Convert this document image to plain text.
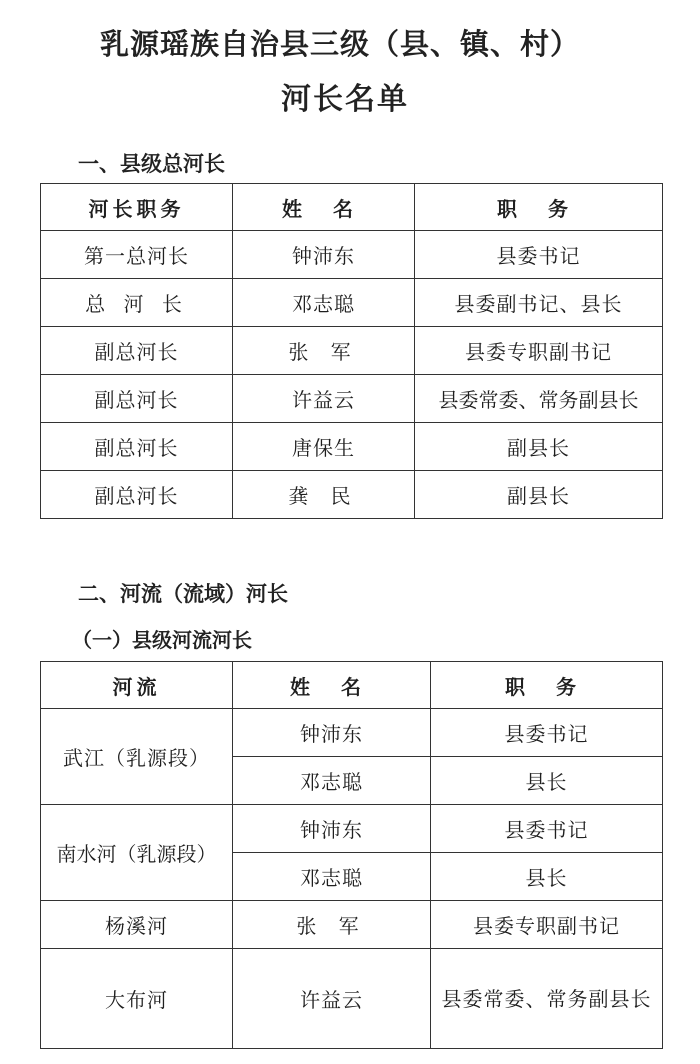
乳源瑶族自治县三级（县、镇、村）
河长名单
一、县级总河长
河长职务	姓 名	职 务
第一总河长	钟沛东	县委书记
总 河 长	邓志聪	县委副书记、县长
副总河长	张 军	县委专职副书记
副总河长	许益云	县委常委、常务副县长
副总河长	唐保生	副县长
副总河长	龚 民	副县长
二、河流（流域）河长
（一）县级河流河长
河流	姓 名	职 务
武江（乳源段）	钟沛东	县委书记
	邓志聪	县长
南水河（乳源段）	钟沛东	县委书记
	邓志聪	县长
杨溪河	张 军	县委专职副书记
大布河	许益云	县委常委、常务副县长
